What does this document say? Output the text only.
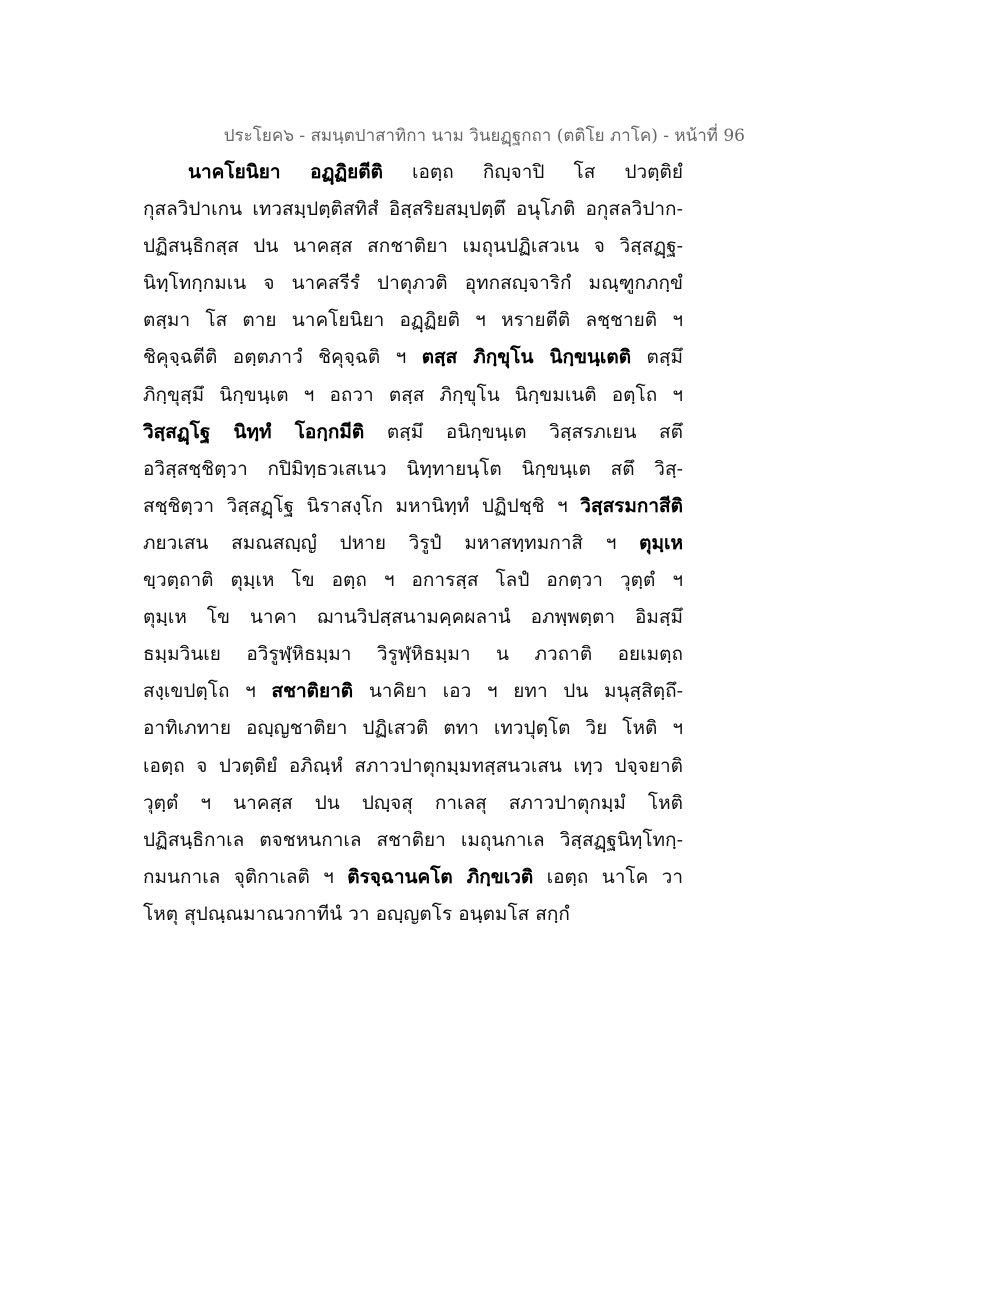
ประโยค๖ - สมนฺตปาสาทิกา นาม วินยฏฺฐกถา (ตติโย ภาโค) - หน้าที่ 96
นาคโยนิยา อฏฺฏิยตีติ เอตฺถ กิญฺจาปิ โส ปวตฺติยํ
กุสลวิปาเกน เทวสมฺปตฺติสทิสํ อิสฺสริยสมฺปตฺตึ อนุโภติ อกุสลวิปาก-
ปฏิสนฺธิกสฺส ปน นาคสฺส สกชาติยา เมถุนปฏิเสวเน จ วิสฺสฏฺฐ-
นิทฺโทกฺกมเน จ นาคสรีรํ ปาตุภวติ อุทกสญฺจาริกํ มณฺฑูกภกฺขํ
ตสฺมา โส ตาย นาคโยนิยา อฏฺฏิยติ ฯ หรายตีติ ลชฺชายติ ฯ
ชิคุจฺฉตีติ อตฺตภาวํ ชิคุจฺฉติ ฯ ตสฺส ภิกฺขุโน นิกฺขนฺเตติ ตสฺมึ
ภิกฺขุสฺมึ นิกฺขนฺเต ฯ อถวา ตสฺส ภิกฺขุโน นิกฺขมเนติ อตฺโถ ฯ
วิสฺสฏฺโฐ นิทฺทํ โอกฺกมีติ ตสฺมึ อนิกฺขนฺเต วิสฺสรภเยน สตึ
อวิสฺสชฺชิตฺวา กปิมิทฺธวเสเนว นิทฺทายนฺโต นิกฺขนฺเต สตึ วิสฺ-
สชฺชิตฺวา วิสฺสฏฺโฐ นิราสงฺโก มหานิทฺทํ ปฏิปชฺชิ ฯ วิสฺสรมกาสีติ
ภยวเสน สมณสญฺญํ ปหาย วิรูปํ มหาสทฺทมกาสิ ฯ ตุมฺเห
ขฺวตฺถาติ ตุมฺเห โข อตฺถ ฯ อการสฺส โลปํ อกตฺวา วุตฺตํ ฯ
ตุมฺเห โข นาคา ฌานวิปสฺสนามคฺคผลานํ อภพฺพตฺตา อิมสฺมึ
ธมฺมวินเย อวิรูฬฺหิธมฺมา วิรูฬฺหิธมฺมา น ภวถาติ อยเมตฺถ
สงฺเขปตฺโถ ฯ สชาติยาติ นาคิยา เอว ฯ ยทา ปน มนุสฺสิตฺถึ-
อาทิเภทาย อญฺญชาติยา ปฏิเสวติ ตทา เทวปุตฺโต วิย โหติ ฯ
เอตฺถ จ ปวตฺติยํ อภิณฺหํ สภาวปาตุกมฺมทสฺสนวเสน เทฺว ปจฺจยาติ
วุตฺตํ ฯ นาคสฺส ปน ปญฺจสุ กาเลสุ สภาวปาตุกมฺมํ โหติ
ปฏิสนฺธิกาเล ตจชหนกาเล สชาติยา เมถุนกาเล วิสฺสฏฺฐนิทฺโทกฺ-
กมนกาเล จุติกาเลติ ฯ ติรจฺฉานคโต ภิกฺขเวติ เอตฺถ นาโค วา
โหตุ สุปณฺณมาณวกาทีนํ วา อญฺญตโร อนฺตมโส สกฺกํ
